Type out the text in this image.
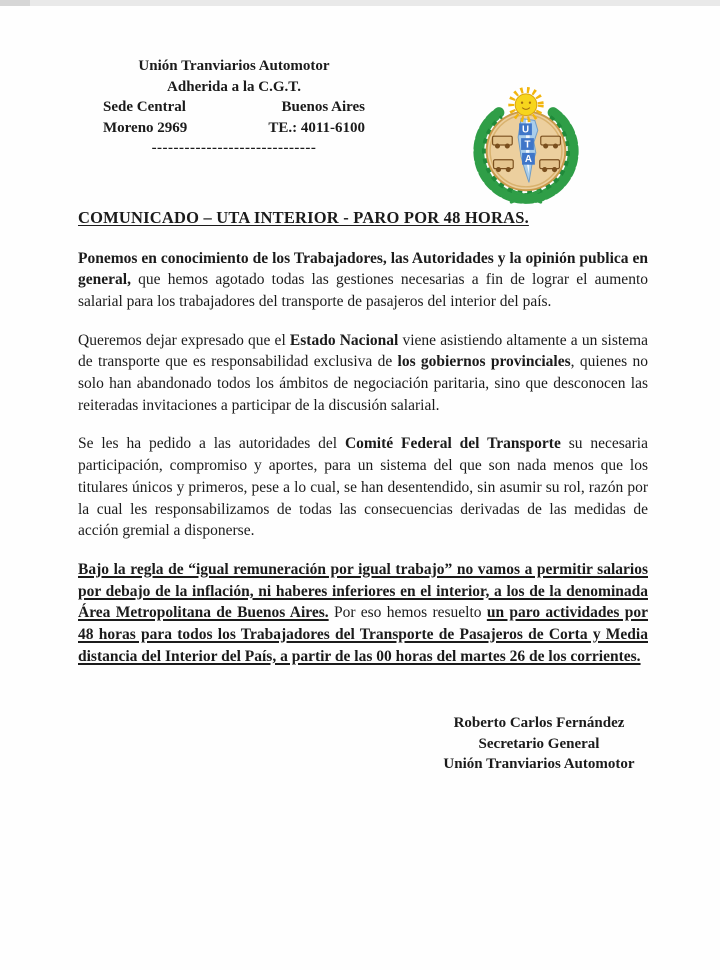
Unión Tranviarios Automotor
Adherida a la C.G.T.
Sede Central	Buenos Aires
Moreno 2969	TE.: 4011-6100
------------------------------
U
T
A
COMUNICADO – UTA INTERIOR - PARO POR 48 HORAS.

Ponemos en conocimiento de los Trabajadores, las Autoridades y la opinión publica en general, que hemos agotado todas las gestiones necesarias a fin de lograr el aumento salarial para los trabajadores del transporte de pasajeros del interior del país.

Queremos dejar expresado que el Estado Nacional viene asistiendo altamente a un sistema de transporte que es responsabilidad exclusiva de los gobiernos provinciales, quienes no solo han abandonado todos los ámbitos de negociación paritaria, sino que desconocen las reiteradas invitaciones a participar de la discusión salarial.

Se les ha pedido a las autoridades del Comité Federal del Transporte su necesaria participación, compromiso y aportes, para un sistema del que son nada menos que los titulares únicos y primeros, pese a lo cual, se han desentendido, sin asumir su rol, razón por la cual les responsabilizamos de todas las consecuencias derivadas de las medidas de acción gremial a disponerse.

Bajo la regla de “igual remuneración por igual trabajo” no vamos a permitir salarios por debajo de la inflación, ni haberes inferiores en el interior, a los de la denominada Área Metropolitana de Buenos Aires. Por eso hemos resuelto un paro actividades por 48 horas para todos los Trabajadores del Transporte de Pasajeros de Corta y Media distancia del Interior del País, a partir de las 00 horas del martes 26 de los corrientes.

Roberto Carlos Fernández
Secretario General
Unión Tranviarios Automotor
